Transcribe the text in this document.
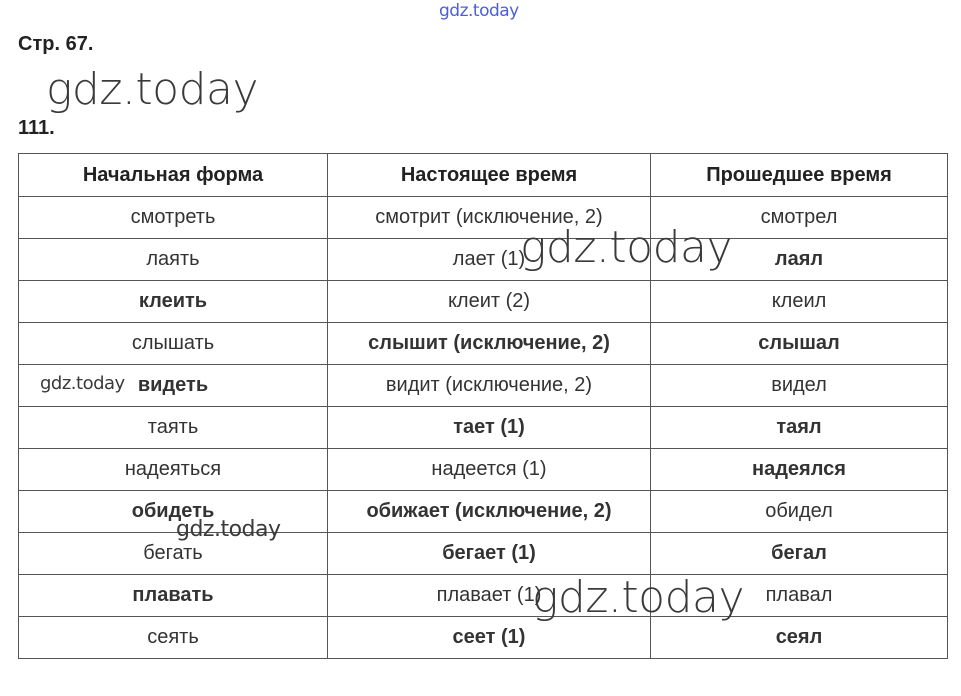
Стр. 67.
111.
Начальная форма	Настоящее время	Прошедшее время
смотреть	смотрит (исключение, 2)	смотрел
лаять	лает (1)	лаял
клеить	клеит (2)	клеил
слышать	слышит (исключение, 2)	слышал
видеть	видит (исключение, 2)	видел
таять	тает (1)	таял
надеяться	надеется (1)	надеялся
обидеть	обижает (исключение, 2)	обидел
бегать	бегает (1)	бегал
плавать	плавает (1)	плавал
сеять	сеет (1)	сеял
gdz.today
gdz.today
gdz.today
gdz.today
gdz.today
gdz.today
